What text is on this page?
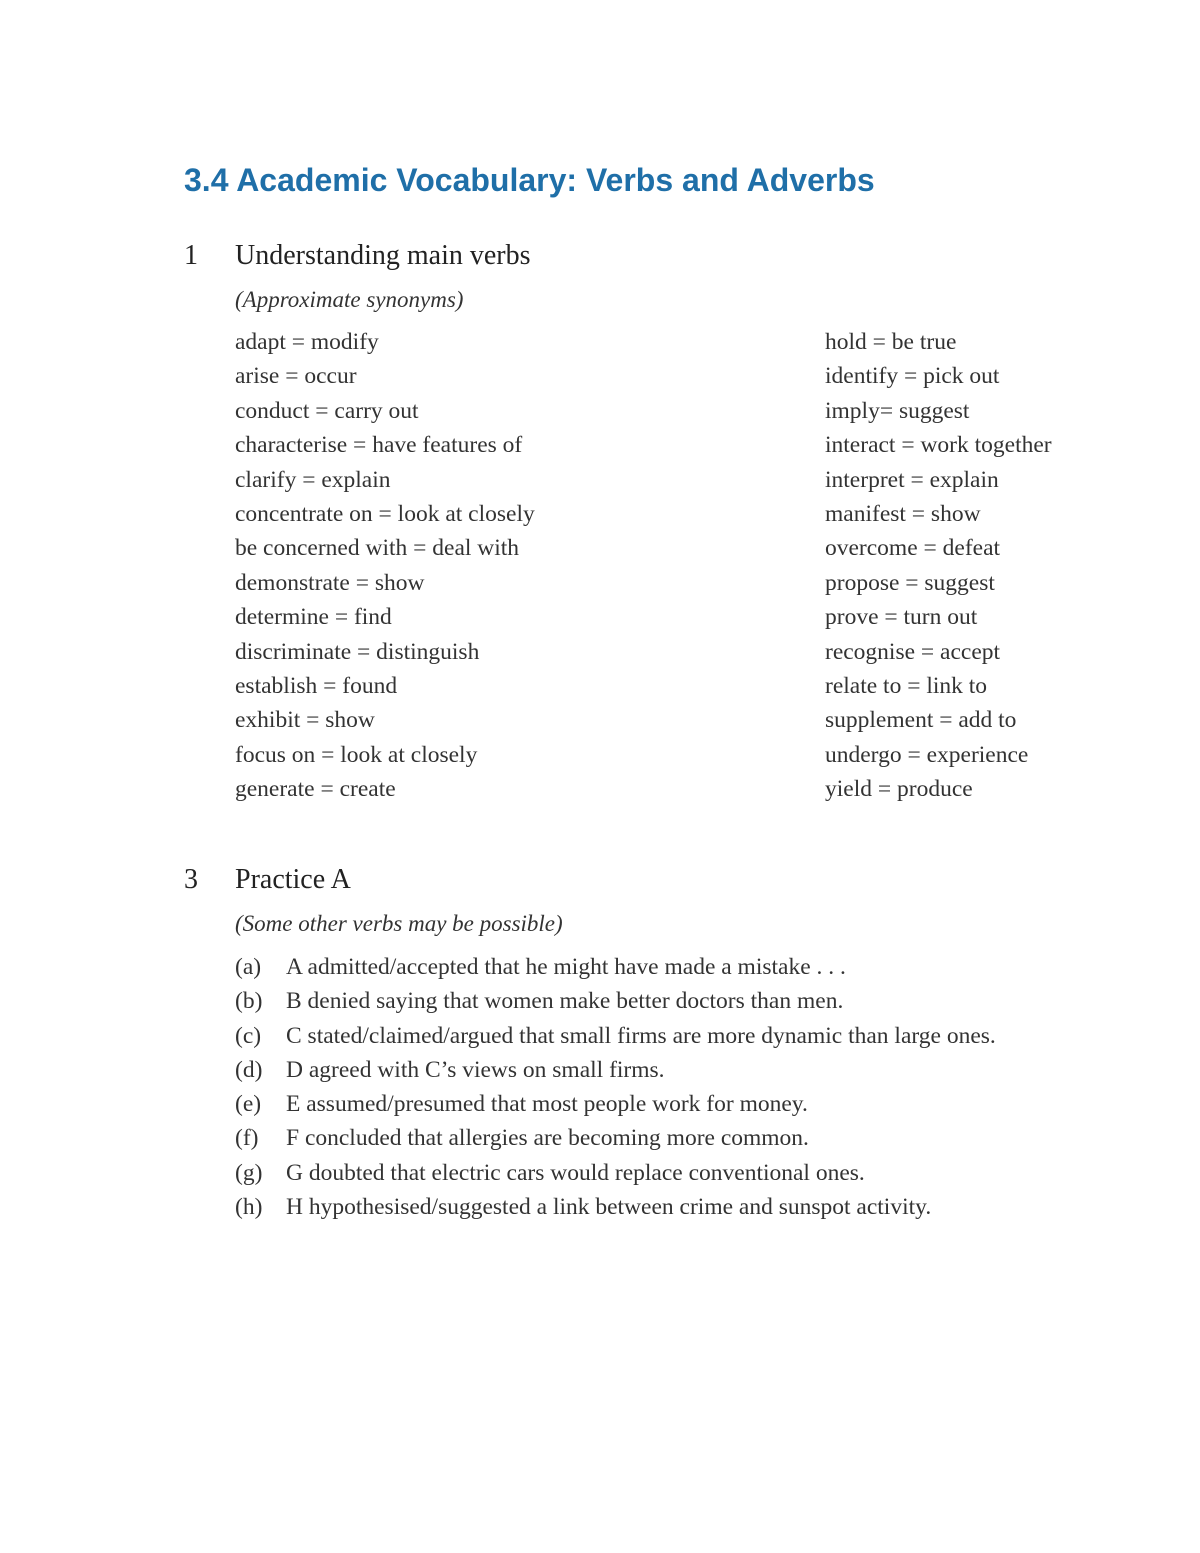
3.4 Academic Vocabulary: Verbs and Adverbs
1 Understanding main verbs
(Approximate synonyms)
adapt = modify
arise = occur
conduct = carry out
characterise = have features of
clarify = explain
concentrate on = look at closely
be concerned with = deal with
demonstrate = show
determine = find
discriminate = distinguish
establish = found
exhibit = show
focus on = look at closely
generate = create
hold = be true
identify = pick out
imply= suggest
interact = work together
interpret = explain
manifest = show
overcome = defeat
propose = suggest
prove = turn out
recognise = accept
relate to = link to
supplement = add to
undergo = experience
yield = produce
3 Practice A
(Some other verbs may be possible)
(a) A admitted/accepted that he might have made a mistake . . .
(b) B denied saying that women make better doctors than men.
(c) C stated/claimed/argued that small firms are more dynamic than large ones.
(d) D agreed with C’s views on small firms.
(e) E assumed/presumed that most people work for money.
(f) F concluded that allergies are becoming more common.
(g) G doubted that electric cars would replace conventional ones.
(h) H hypothesised/suggested a link between crime and sunspot activity.
